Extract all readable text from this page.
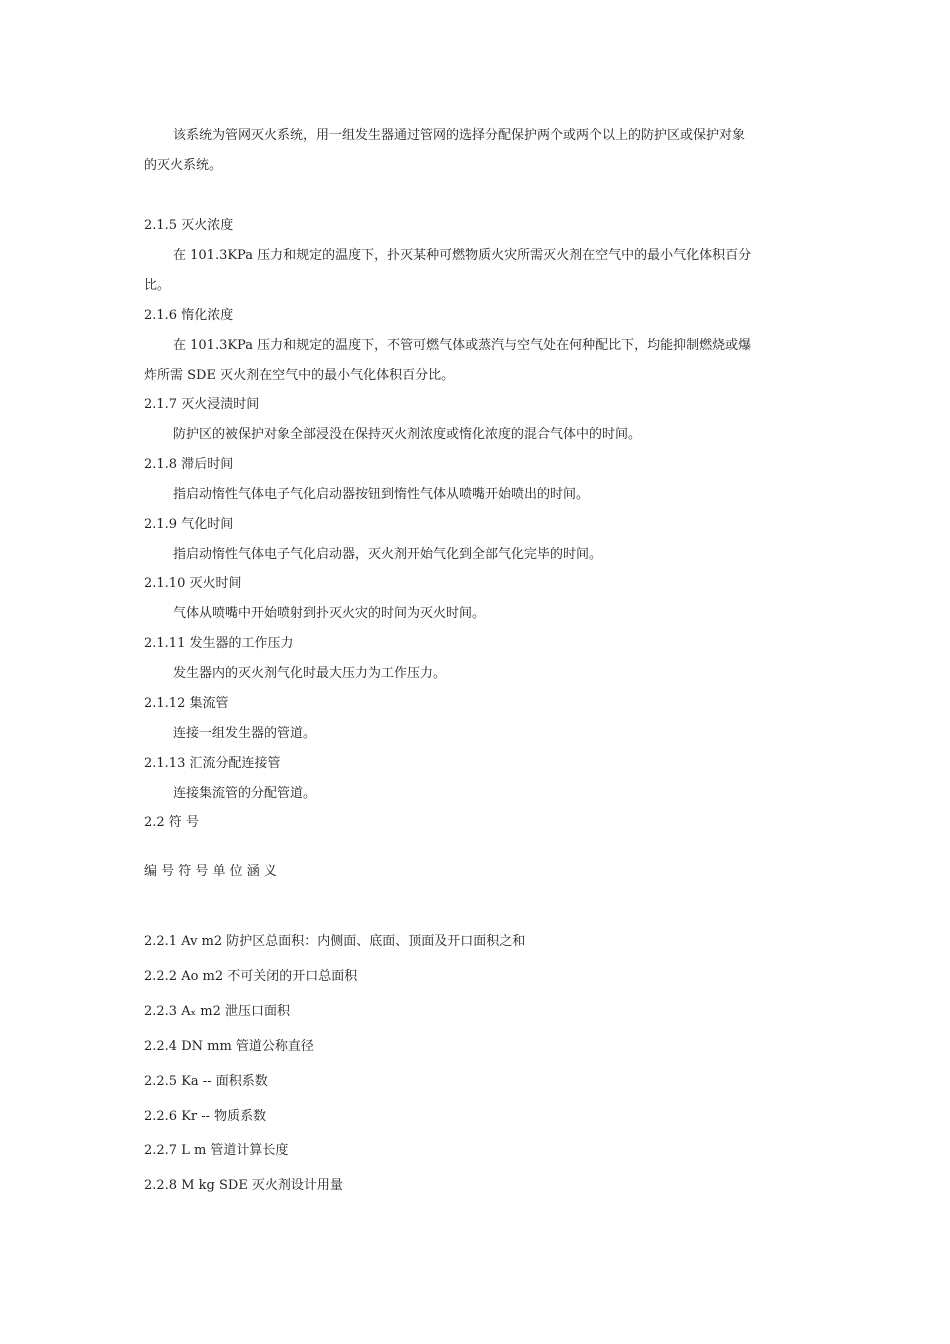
该系统为管网灭火系统，用一组发生器通过管网的选择分配保护两个或两个以上的防护区或保护对象
的灭火系统。
2.1.5 灭火浓度
在 101.3KPa 压力和规定的温度下，扑灭某种可燃物质火灾所需灭火剂在空气中的最小气化体积百分
比。
2.1.6 惰化浓度
在 101.3KPa 压力和规定的温度下，不管可燃气体或蒸汽与空气处在何种配比下，均能抑制燃烧或爆
炸所需 SDE 灭火剂在空气中的最小气化体积百分比。
2.1.7 灭火浸渍时间
防护区的被保护对象全部浸没在保持灭火剂浓度或惰化浓度的混合气体中的时间。
2.1.8 滞后时间
指启动惰性气体电子气化启动器按钮到惰性气体从喷嘴开始喷出的时间。
2.1.9 气化时间
指启动惰性气体电子气化启动器，灭火剂开始气化到全部气化完毕的时间。
2.1.10 灭火时间
气体从喷嘴中开始喷射到扑灭火灾的时间为灭火时间。
2.1.11 发生器的工作压力
发生器内的灭火剂气化时最大压力为工作压力。
2.1.12 集流管
连接一组发生器的管道。
2.1.13 汇流分配连接管
连接集流管的分配管道。
2.2 符 号
编 号 符 号 单 位 涵 义
2.2.1 Av m2 防护区总面积：内侧面、底面、顶面及开口面积之和
2.2.2 Ao m2 不可关闭的开口总面积
2.2.3 Aₓ m2 泄压口面积
2.2.4 DN mm 管道公称直径
2.2.5 Ka -- 面积系数
2.2.6 Kr -- 物质系数
2.2.7 L m 管道计算长度
2.2.8 M kg SDE 灭火剂设计用量
